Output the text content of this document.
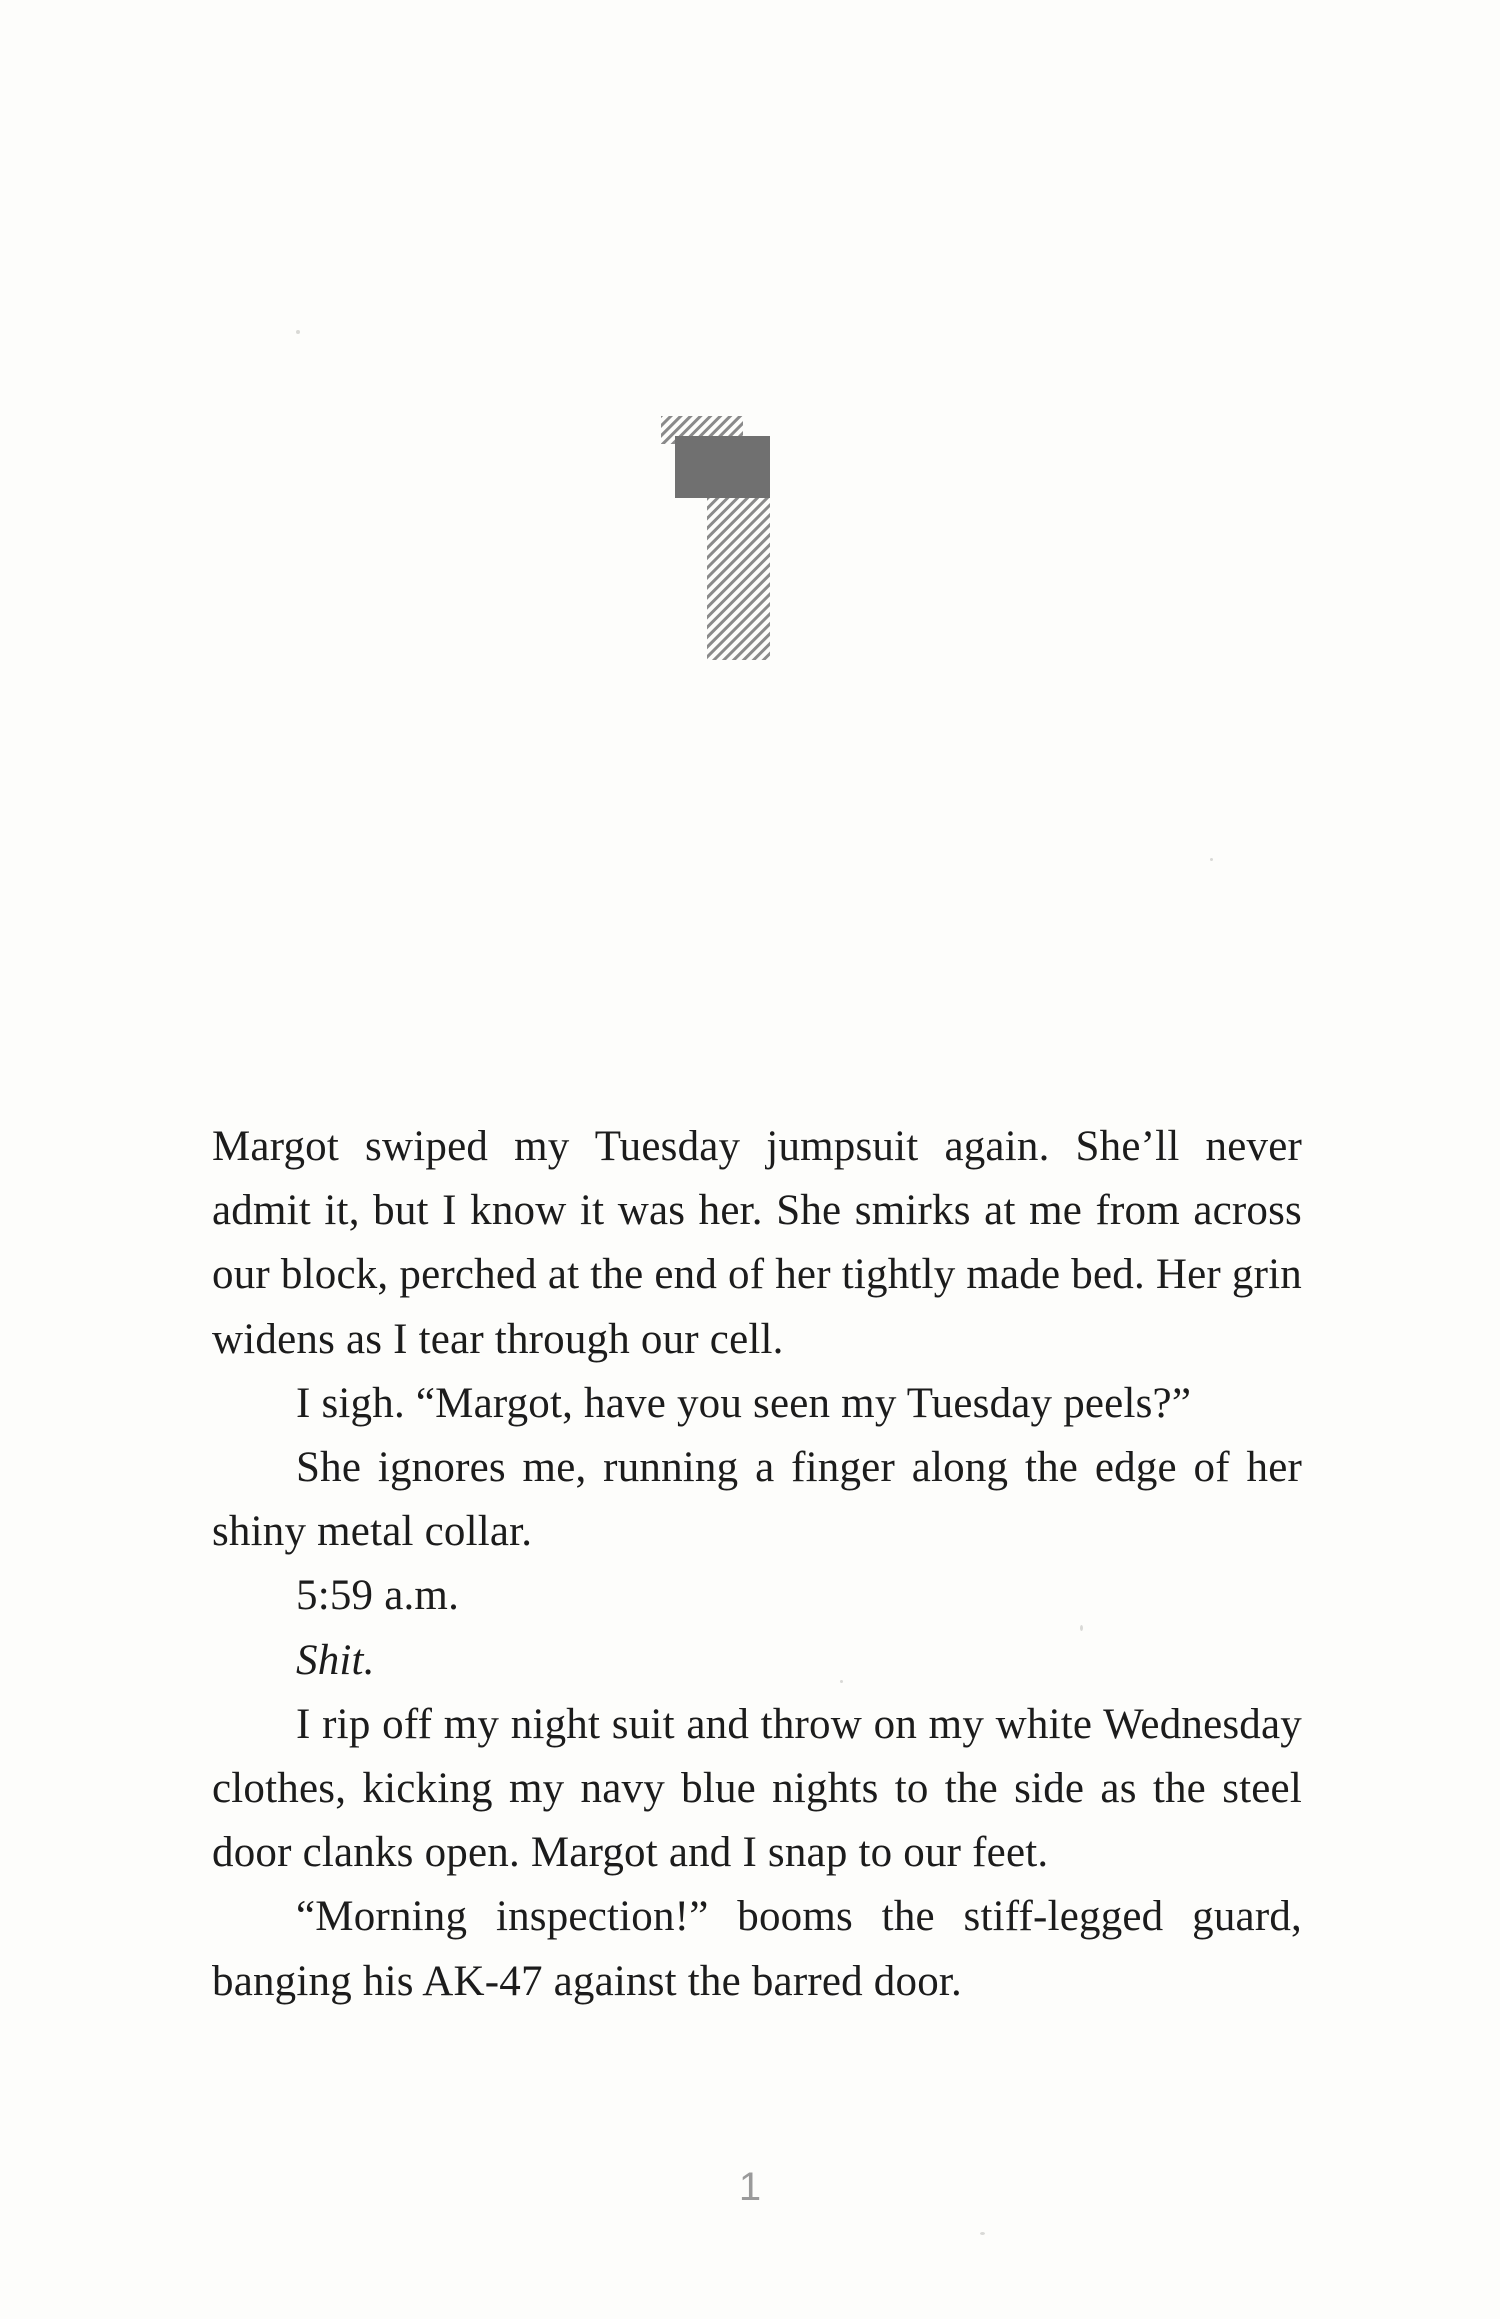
Margot swiped my Tuesday jumpsuit again. She’ll never admit it, but I know it was her. She smirks at me from across our block, perched at the end of her tightly made bed. Her grin widens as I tear through our cell.

I sigh. “Margot, have you seen my Tuesday peels?”

She ignores me, running a finger along the edge of her shiny metal collar.

5:59 a.m.

Shit.

I rip off my night suit and throw on my white Wednesday clothes, kicking my navy blue nights to the side as the steel door clanks open. Margot and I snap to our feet.

“Morning inspection!” booms the stiff-legged guard, banging his AK-47 against the barred door.

1
